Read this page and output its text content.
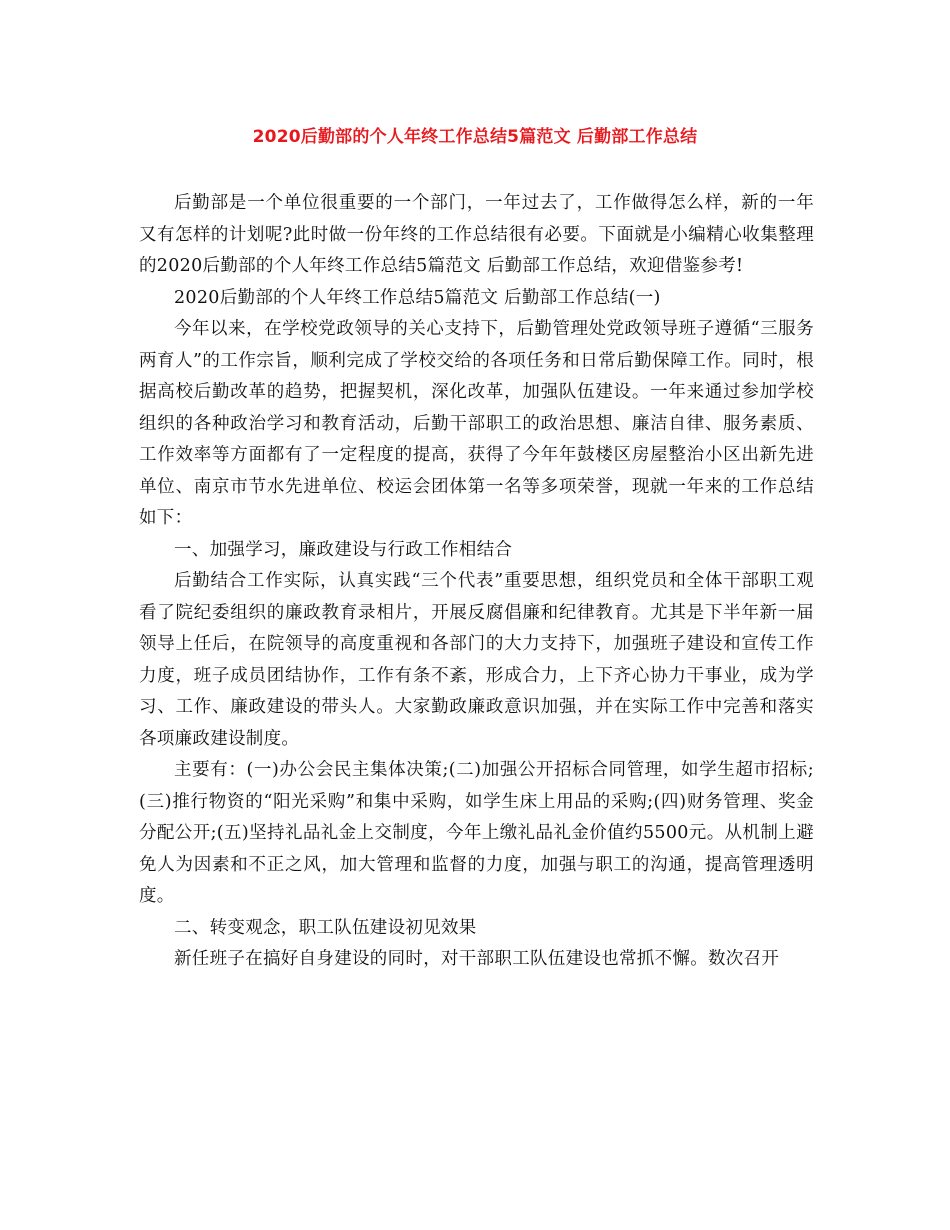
2020后勤部的个人年终工作总结5篇范文 后勤部工作总结

后勤部是一个单位很重要的一个部门，一年过去了，工作做得怎么样，新的一年又有怎样的计划呢?此时做一份年终的工作总结很有必要。下面就是小编精心收集整理的2020后勤部的个人年终工作总结5篇范文 后勤部工作总结，欢迎借鉴参考!

2020后勤部的个人年终工作总结5篇范文 后勤部工作总结(一)

今年以来，在学校党政领导的关心支持下，后勤管理处党政领导班子遵循“三服务两育人”的工作宗旨，顺利完成了学校交给的各项任务和日常后勤保障工作。同时，根据高校后勤改革的趋势，把握契机，深化改革，加强队伍建设。一年来通过参加学校组织的各种政治学习和教育活动，后勤干部职工的政治思想、廉洁自律、服务素质、工作效率等方面都有了一定程度的提高，获得了今年年鼓楼区房屋整治小区出新先进单位、南京市节水先进单位、校运会团体第一名等多项荣誉，现就一年来的工作总结如下：

一、加强学习，廉政建设与行政工作相结合

后勤结合工作实际，认真实践“三个代表”重要思想，组织党员和全体干部职工观看了院纪委组织的廉政教育录相片，开展反腐倡廉和纪律教育。尤其是下半年新一届领导上任后，在院领导的高度重视和各部门的大力支持下，加强班子建设和宣传工作力度，班子成员团结协作，工作有条不紊，形成合力，上下齐心协力干事业，成为学习、工作、廉政建设的带头人。大家勤政廉政意识加强，并在实际工作中完善和落实各项廉政建设制度。

主要有：(一)办公会民主集体决策;(二)加强公开招标合同管理，如学生超市招标;(三)推行物资的“阳光采购”和集中采购，如学生床上用品的采购;(四)财务管理、奖金分配公开;(五)坚持礼品礼金上交制度，今年上缴礼品礼金价值约5500元。从机制上避免人为因素和不正之风，加大管理和监督的力度，加强与职工的沟通，提高管理透明度。

二、转变观念，职工队伍建设初见效果

新任班子在搞好自身建设的同时，对干部职工队伍建设也常抓不懈。数次召开
